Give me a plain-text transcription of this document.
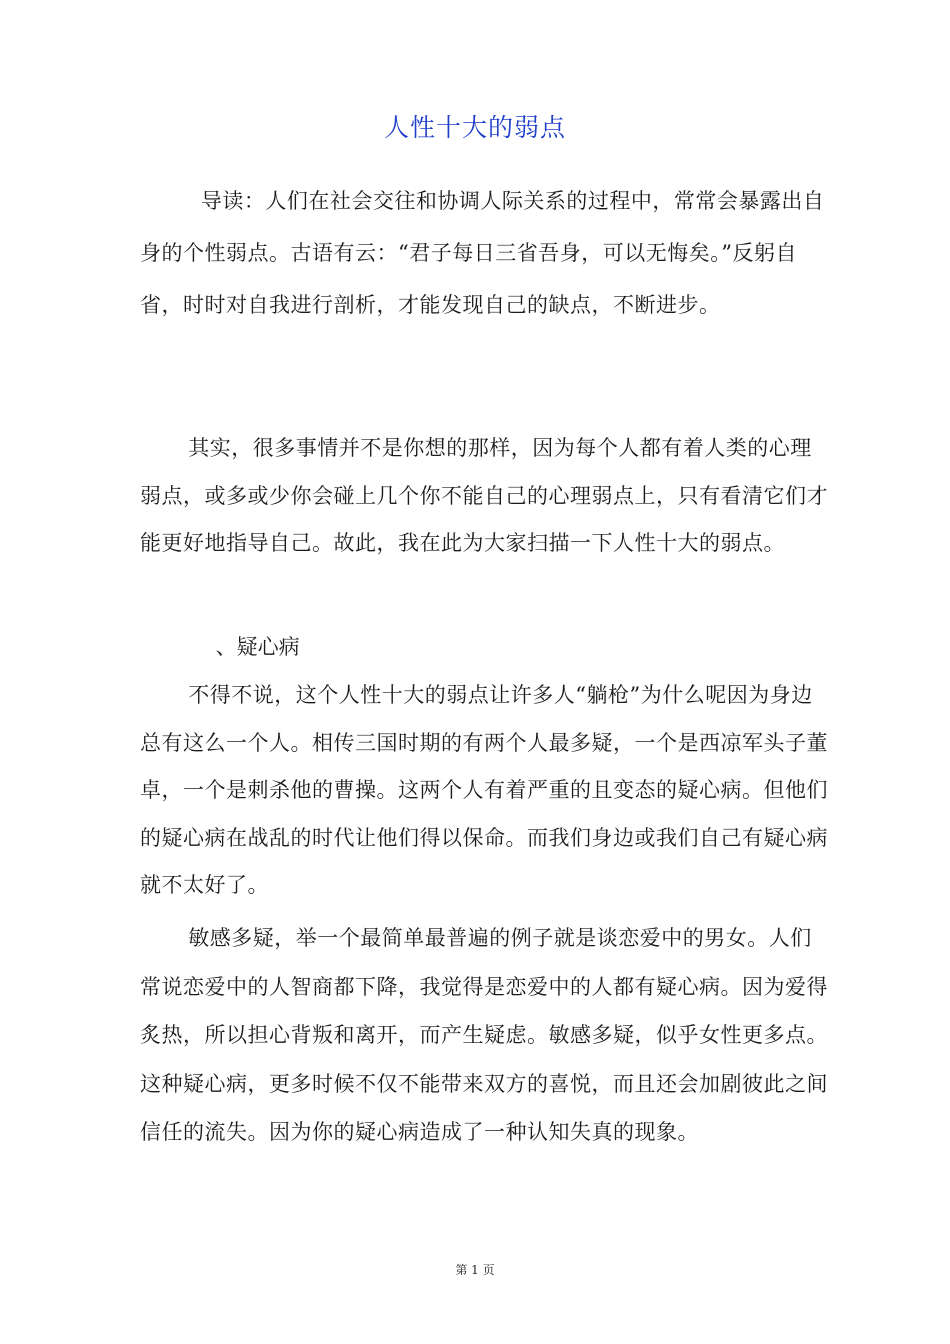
人性十大的弱点

导读：人们在社会交往和协调人际关系的过程中，常常会暴露出自身的个性弱点。古语有云：“君子每日三省吾身，可以无悔矣。”反躬自省，时时对自我进行剖析，才能发现自己的缺点，不断进步。

其实，很多事情并不是你想的那样，因为每个人都有着人类的心理弱点，或多或少你会碰上几个你不能自己的心理弱点上，只有看清它们才能更好地指导自己。故此，我在此为大家扫描一下人性十大的弱点。

、疑心病

不得不说，这个人性十大的弱点让许多人“躺枪”为什么呢因为身边总有这么一个人。相传三国时期的有两个人最多疑，一个是西凉军头子董卓，一个是刺杀他的曹操。这两个人有着严重的且变态的疑心病。但他们的疑心病在战乱的时代让他们得以保命。而我们身边或我们自己有疑心病就不太好了。

敏感多疑，举一个最简单最普遍的例子就是谈恋爱中的男女。人们常说恋爱中的人智商都下降，我觉得是恋爱中的人都有疑心病。因为爱得炙热，所以担心背叛和离开，而产生疑虑。敏感多疑，似乎女性更多点。这种疑心病，更多时候不仅不能带来双方的喜悦，而且还会加剧彼此之间信任的流失。因为你的疑心病造成了一种认知失真的现象。

第 1 页
